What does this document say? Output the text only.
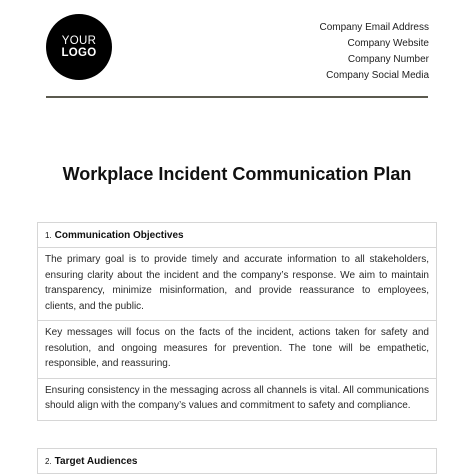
YOUR
LOGO
Company Email Address
Company Website
Company Number
Company Social Media
Workplace Incident Communication Plan
1. Communication Objectives
The primary goal is to provide timely and accurate information to all stakeholders, ensuring clarity about the incident and the company’s response. We aim to maintain transparency, minimize misinformation, and provide reassurance to employees, clients, and the public.
Key messages will focus on the facts of the incident, actions taken for safety and resolution, and ongoing measures for prevention. The tone will be empathetic, responsible, and reassuring.
Ensuring consistency in the messaging across all channels is vital. All communications should align with the company’s values and commitment to safety and compliance.
2. Target Audiences
